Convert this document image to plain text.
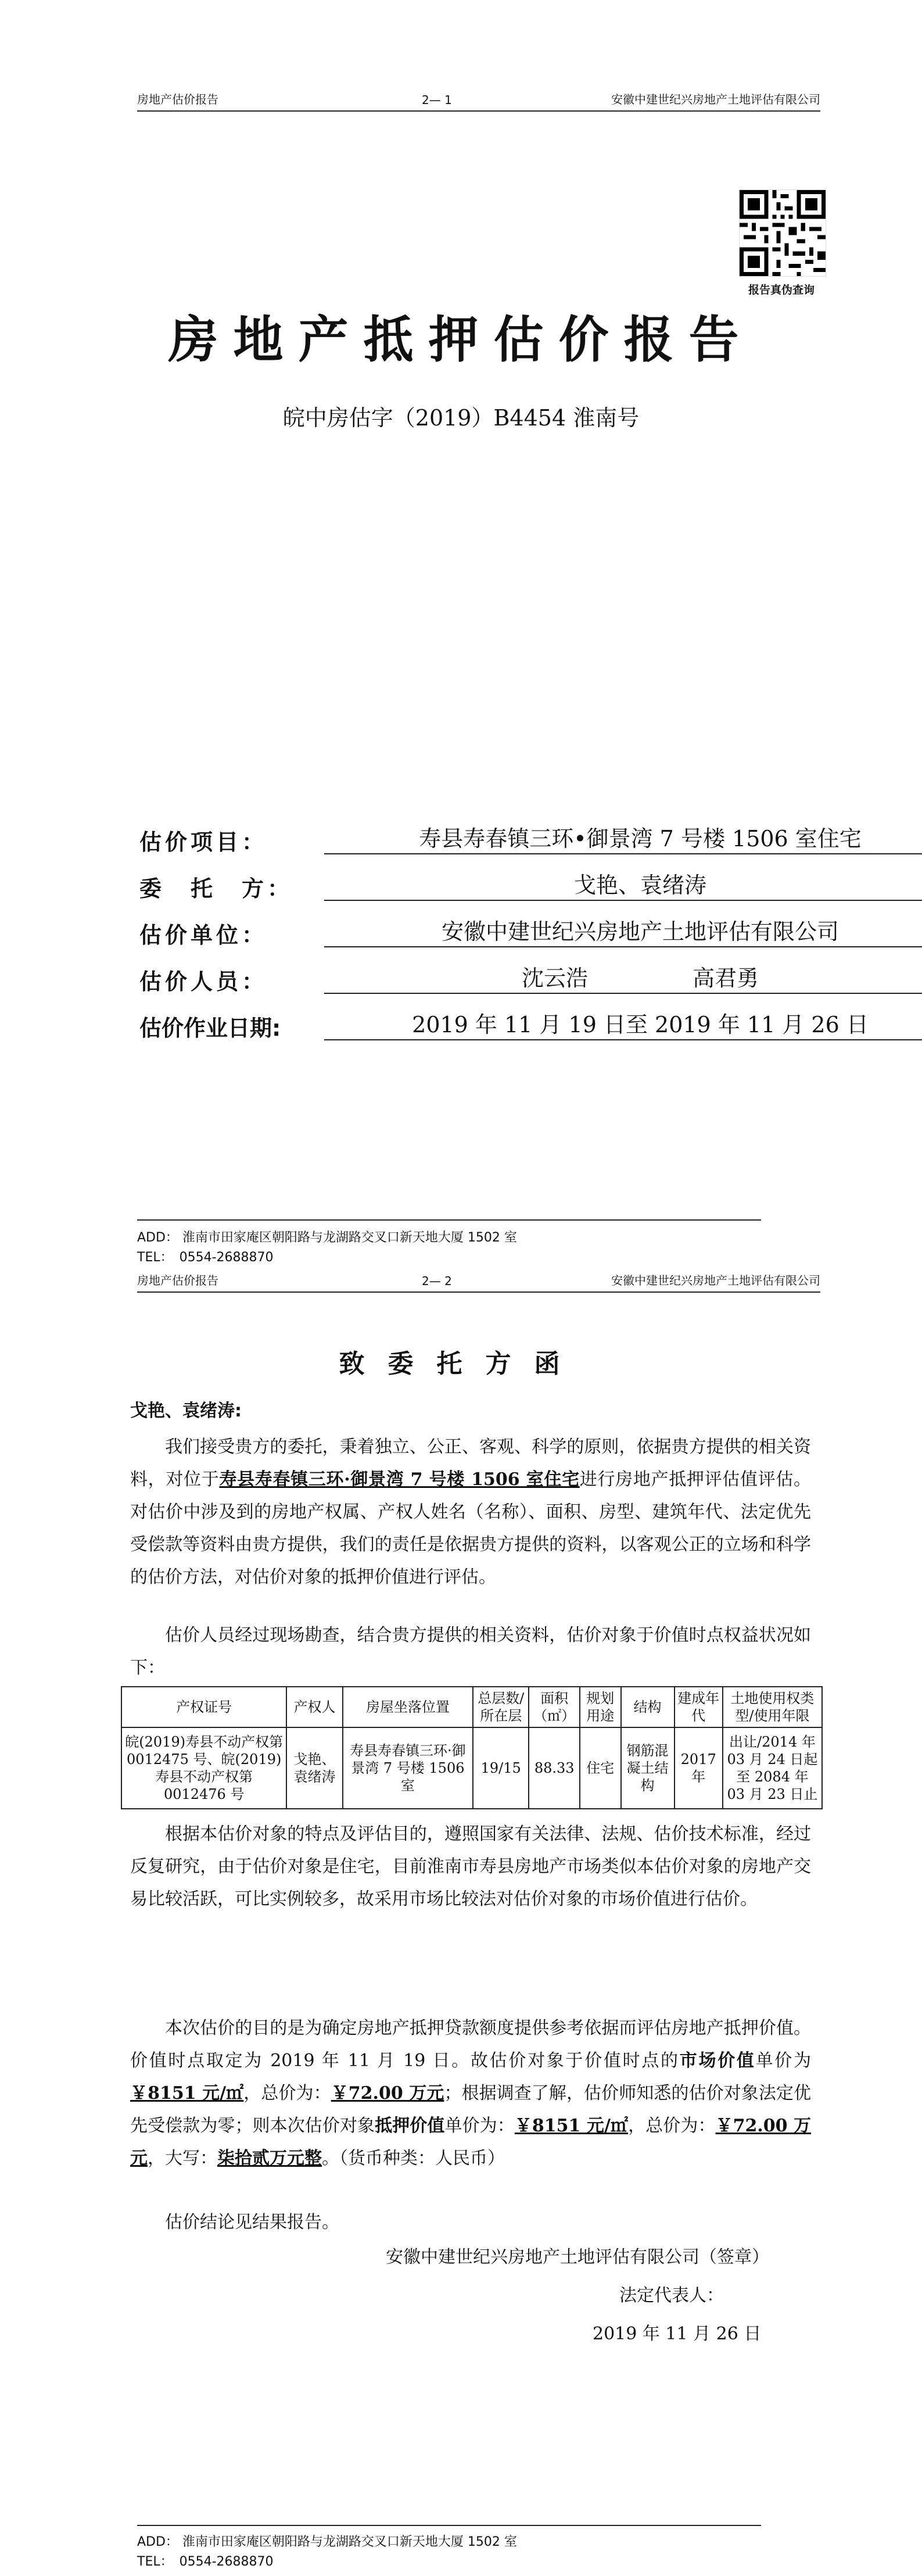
房地产估价报告	2— 1	安徽中建世纪兴房地产土地评估有限公司
报告真伪查询
房地产抵押估价报告
皖中房估字（2019）B4454 淮南号
估价项目：	寿县寿春镇三环•御景湾 7 号楼 1506 室住宅
委　托　方：	戈艳、袁绪涛
估价单位：	安徽中建世纪兴房地产土地评估有限公司
估价人员：	沈云浩	高君勇
估价作业日期:	2019 年 11 月 19 日至 2019 年 11 月 26 日
ADD： 淮南市田家庵区朝阳路与龙湖路交叉口新天地大厦 1502 室
TEL：　0554-2688870
房地产估价报告	2— 2	安徽中建世纪兴房地产土地评估有限公司
致委托方函
戈艳、袁绪涛:
我们接受贵方的委托，秉着独立、公正、客观、科学的原则，依据贵方提供的相关资料，对位于寿县寿春镇三环·御景湾 7 号楼 1506 室住宅进行房地产抵押评估值评估。对估价中涉及到的房地产权属、产权人姓名（名称）、面积、房型、建筑年代、法定优先受偿款等资料由贵方提供，我们的责任是依据贵方提供的资料，以客观公正的立场和科学的估价方法，对估价对象的抵押价值进行评估。
估价人员经过现场勘查，结合贵方提供的相关资料，估价对象于价值时点权益状况如下：
产权证号	产权人	房屋坐落位置	总层数/所在层	面积（㎡）	规划用途	结构	建成年代	土地使用权类型/使用年限
皖(2019)寿县不动产权第 0012475 号、皖(2019)寿县不动产权第 0012476 号	戈艳、袁绪涛	寿县寿春镇三环·御景湾 7 号楼 1506 室	19/15	88.33	住宅	钢筋混凝土结构	2017 年	出让/2014 年 03 月 24 日起至 2084 年 03 月 23 日止
根据本估价对象的特点及评估目的，遵照国家有关法律、法规、估价技术标准，经过反复研究，由于估价对象是住宅，目前淮南市寿县房地产市场类似本估价对象的房地产交易比较活跃，可比实例较多，故采用市场比较法对估价对象的市场价值进行估价。
本次估价的目的是为确定房地产抵押贷款额度提供参考依据而评估房地产抵押价值。价值时点取定为 2019 年 11 月 19 日。故估价对象于价值时点的市场价值单价为￥8151 元/㎡，总价为：￥72.00 万元；根据调查了解，估价师知悉的估价对象法定优先受偿款为零；则本次估价对象抵押价值单价为：￥8151 元/㎡，总价为：￥72.00 万元，大写：柒拾贰万元整。（货币种类：人民币）
估价结论见结果报告。
安徽中建世纪兴房地产土地评估有限公司（签章）
法定代表人：
2019 年 11 月 26 日
ADD： 淮南市田家庵区朝阳路与龙湖路交叉口新天地大厦 1502 室
TEL：　0554-2688870
